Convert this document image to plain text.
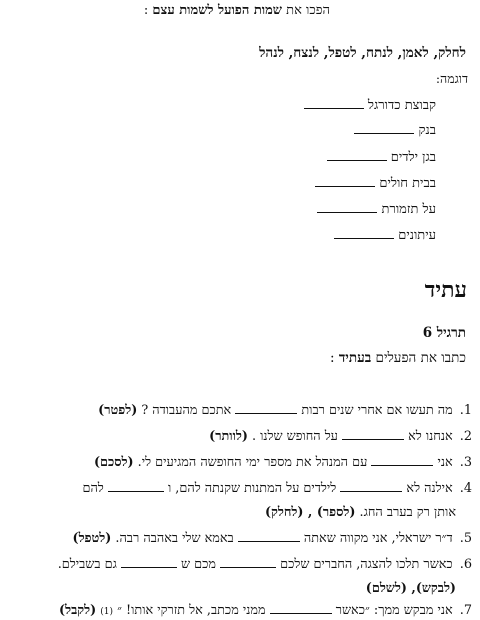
הפכו את שמות הפועל לשמות עצם :
לחלק, לאמן, לנתח, לטפל, לנצח, לנהל
דוגמה:
קבוצת כדורגל
בנק
בגן ילדים
בבית חולים
על תזמורת
עיתונים
עתיד
תרגיל 6
כתבו את הפעלים בעתיד :
1. מה תעשו אם אחרי שנים רבות  אתכם מהעבודה ? (לפטר)
2. אנחנו לא  על החופש שלנו . (לוותר)
3. אני  עם המנהל את מספר ימי החופשה המגיעים לי. (לסכם)
4. אילנה לא  לילדים על המתנות שקנתה להם, ו  להם
אותן רק בערב החג. (לספר) , (לחלק)
5. ד״ר ישראלי, אני מקווה שאתה  באמא שלי באהבה רבה. (לטפל)
6. כאשר תלכו להצגה, החברים שלכם  מכם ש  גם בשבילם.
(לבקש), (לשלם)
7. אני מבקש ממך: ״כאשר  ממני מכתב, אל תזרקי אותו! ״ (1) (לקבל)
